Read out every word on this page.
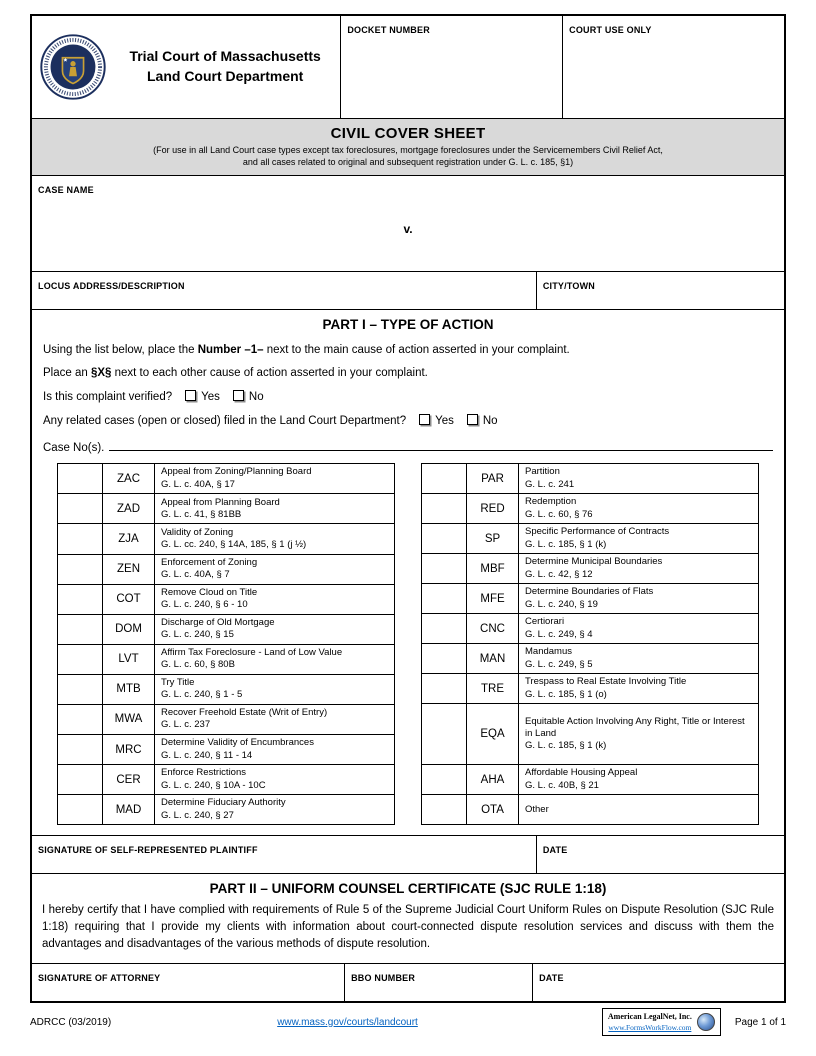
Trial Court of Massachusetts
Land Court Department
DOCKET NUMBER	COURT USE ONLY
CIVIL COVER SHEET
(For use in all Land Court case types except tax foreclosures, mortgage foreclosures under the Servicemembers Civil Relief Act,
and all cases related to original and subsequent registration under G. L. c. 185, §1)
CASE NAME
v.
LOCUS ADDRESS/DESCRIPTION	CITY/TOWN
PART I – TYPE OF ACTION

Using the list below, place the Number –1– next to the main cause of action asserted in your complaint.

Place an §X§ next to each other cause of action asserted in your complaint.

Is this complaint verified?	Yes	No

Any related cases (open or closed) filed in the Land Court Department?	Yes	No

Case No(s).
	ZAC	Appeal from Zoning/Planning Board
G. L. c. 40A, § 17

	ZAD	Appeal from Planning Board
G. L. c. 41, § 81BB

	ZJA	Validity of Zoning
G. L. cc. 240, § 14A, 185, § 1 (j ½)

	ZEN	Enforcement of Zoning
G. L. c. 40A, § 7

	COT	Remove Cloud on Title
G. L. c. 240, § 6 - 10

	DOM	Discharge of Old Mortgage
G. L. c. 240, § 15

	LVT	Affirm Tax Foreclosure - Land of Low Value
G. L. c. 60, § 80B

	MTB	Try Title
G. L. c. 240, § 1 - 5

	MWA	Recover Freehold Estate (Writ of Entry)
G. L. c. 237

	MRC	Determine Validity of Encumbrances
G. L. c. 240, § 11 - 14

	CER	Enforce Restrictions
G. L. c. 240, § 10A - 10C

	MAD	Determine Fiduciary Authority
G. L. c. 240, § 27
	PAR	Partition
G. L. c. 241

	RED	Redemption
G. L. c. 60, § 76

	SP	Specific Performance of Contracts
G. L. c. 185, § 1 (k)

	MBF	Determine Municipal Boundaries
G. L. c. 42, § 12

	MFE	Determine Boundaries of Flats
G. L. c. 240, § 19

	CNC	Certiorari
G. L. c. 249, § 4

	MAN	Mandamus
G. L. c. 249, § 5

	TRE	Trespass to Real Estate Involving Title
G. L. c. 185, § 1 (o)

	EQA	Equitable Action Involving Any Right, Title or Interest in Land
G. L. c. 185, § 1 (k)

	AHA	Affordable Housing Appeal
G. L. c. 40B, § 21

	OTA	Other
SIGNATURE OF SELF-REPRESENTED PLAINTIFF	DATE
PART II – UNIFORM COUNSEL CERTIFICATE (SJC RULE 1:18)

I hereby certify that I have complied with requirements of Rule 5 of the Supreme Judicial Court Uniform Rules on Dispute Resolution (SJC Rule 1:18) requiring that I provide my clients with information about court-connected dispute resolution services and discuss with them the advantages and disadvantages of the various methods of dispute resolution.

SIGNATURE OF ATTORNEY	BBO NUMBER	DATE
ADRCC (03/2019)	www.mass.gov/courts/landcourt	American LegalNet, Inc.
www.FormsWorkFlow.com	Page 1 of 1
